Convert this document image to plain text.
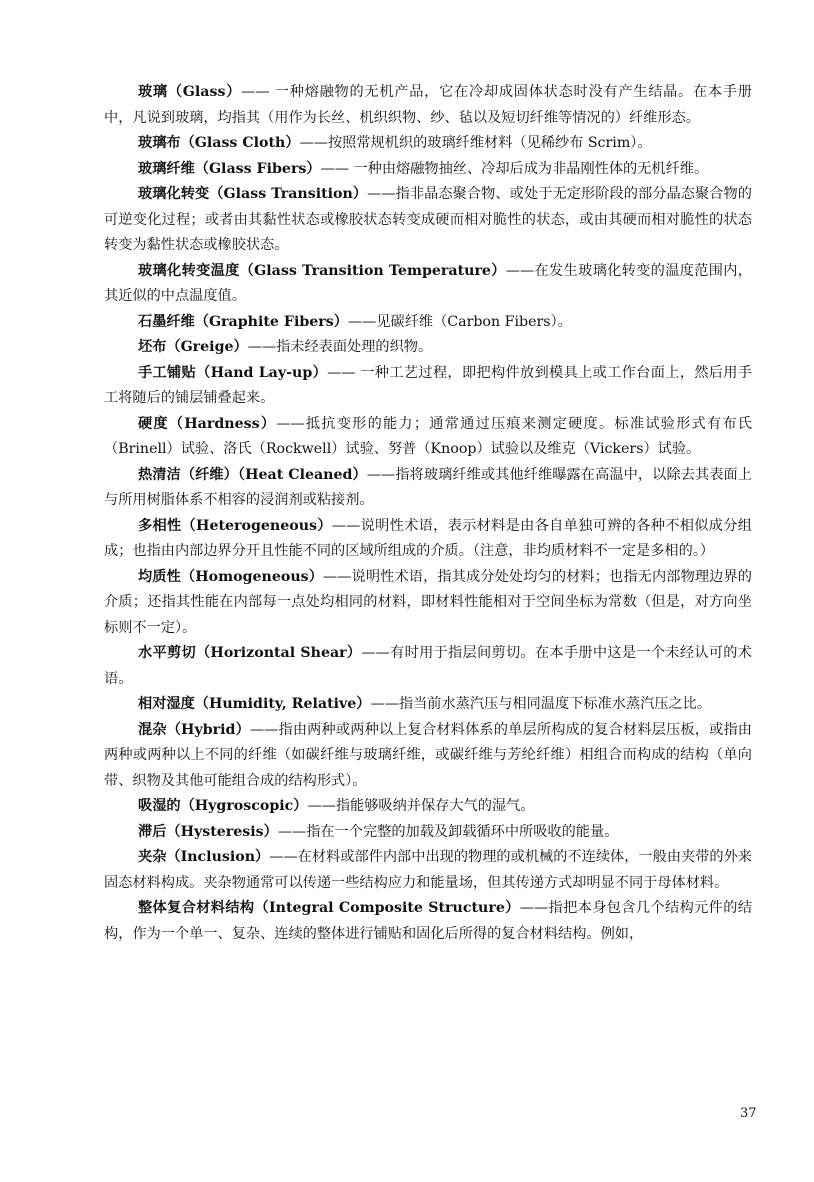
玻璃（Glass）—— 一种熔融物的无机产品，它在冷却成固体状态时没有产生结晶。在本手册中，凡说到玻璃，均指其（用作为长丝、机织织物、纱、毡以及短切纤维等情况的）纤维形态。

玻璃布（Glass Cloth）——按照常规机织的玻璃纤维材料（见稀纱布 Scrim）。

玻璃纤维（Glass Fibers）—— 一种由熔融物抽丝、冷却后成为非晶刚性体的无机纤维。

玻璃化转变（Glass Transition）——指非晶态聚合物、或处于无定形阶段的部分晶态聚合物的可逆变化过程；或者由其黏性状态或橡胶状态转变成硬而相对脆性的状态，或由其硬而相对脆性的状态转变为黏性状态或橡胶状态。

玻璃化转变温度（Glass Transition Temperature）——在发生玻璃化转变的温度范围内，其近似的中点温度值。

石墨纤维（Graphite Fibers）——见碳纤维（Carbon Fibers）。

坯布（Greige）——指未经表面处理的织物。

手工铺贴（Hand Lay-up）—— 一种工艺过程，即把构件放到模具上或工作台面上，然后用手工将随后的铺层铺叠起来。

硬度（Hardness）——抵抗变形的能力；通常通过压痕来测定硬度。标准试验形式有布氏（Brinell）试验、洛氏（Rockwell）试验、努普（Knoop）试验以及维克（Vickers）试验。

热清洁（纤维）（Heat Cleaned）——指将玻璃纤维或其他纤维曝露在高温中，以除去其表面上与所用树脂体系不相容的浸润剂或粘接剂。

多相性（Heterogeneous）——说明性术语，表示材料是由各自单独可辨的各种不相似成分组成；也指由内部边界分开且性能不同的区域所组成的介质。（注意，非均质材料不一定是多相的。）

均质性（Homogeneous）——说明性术语，指其成分处处均匀的材料；也指无内部物理边界的介质；还指其性能在内部每一点处均相同的材料，即材料性能相对于空间坐标为常数（但是，对方向坐标则不一定）。

水平剪切（Horizontal Shear）——有时用于指层间剪切。在本手册中这是一个未经认可的术语。

相对湿度（Humidity, Relative）——指当前水蒸汽压与相同温度下标准水蒸汽压之比。

混杂（Hybrid）——指由两种或两种以上复合材料体系的单层所构成的复合材料层压板，或指由两种或两种以上不同的纤维（如碳纤维与玻璃纤维，或碳纤维与芳纶纤维）相组合而构成的结构（单向带、织物及其他可能组合成的结构形式）。

吸湿的（Hygroscopic）——指能够吸纳并保存大气的湿气。

滞后（Hysteresis）——指在一个完整的加载及卸载循环中所吸收的能量。

夹杂（Inclusion）——在材料或部件内部中出现的物理的或机械的不连续体，一般由夹带的外来固态材料构成。夹杂物通常可以传递一些结构应力和能量场，但其传递方式却明显不同于母体材料。

整体复合材料结构（Integral Composite Structure）——指把本身包含几个结构元件的结构，作为一个单一、复杂、连续的整体进行铺贴和固化后所得的复合材料结构。例如，

37
